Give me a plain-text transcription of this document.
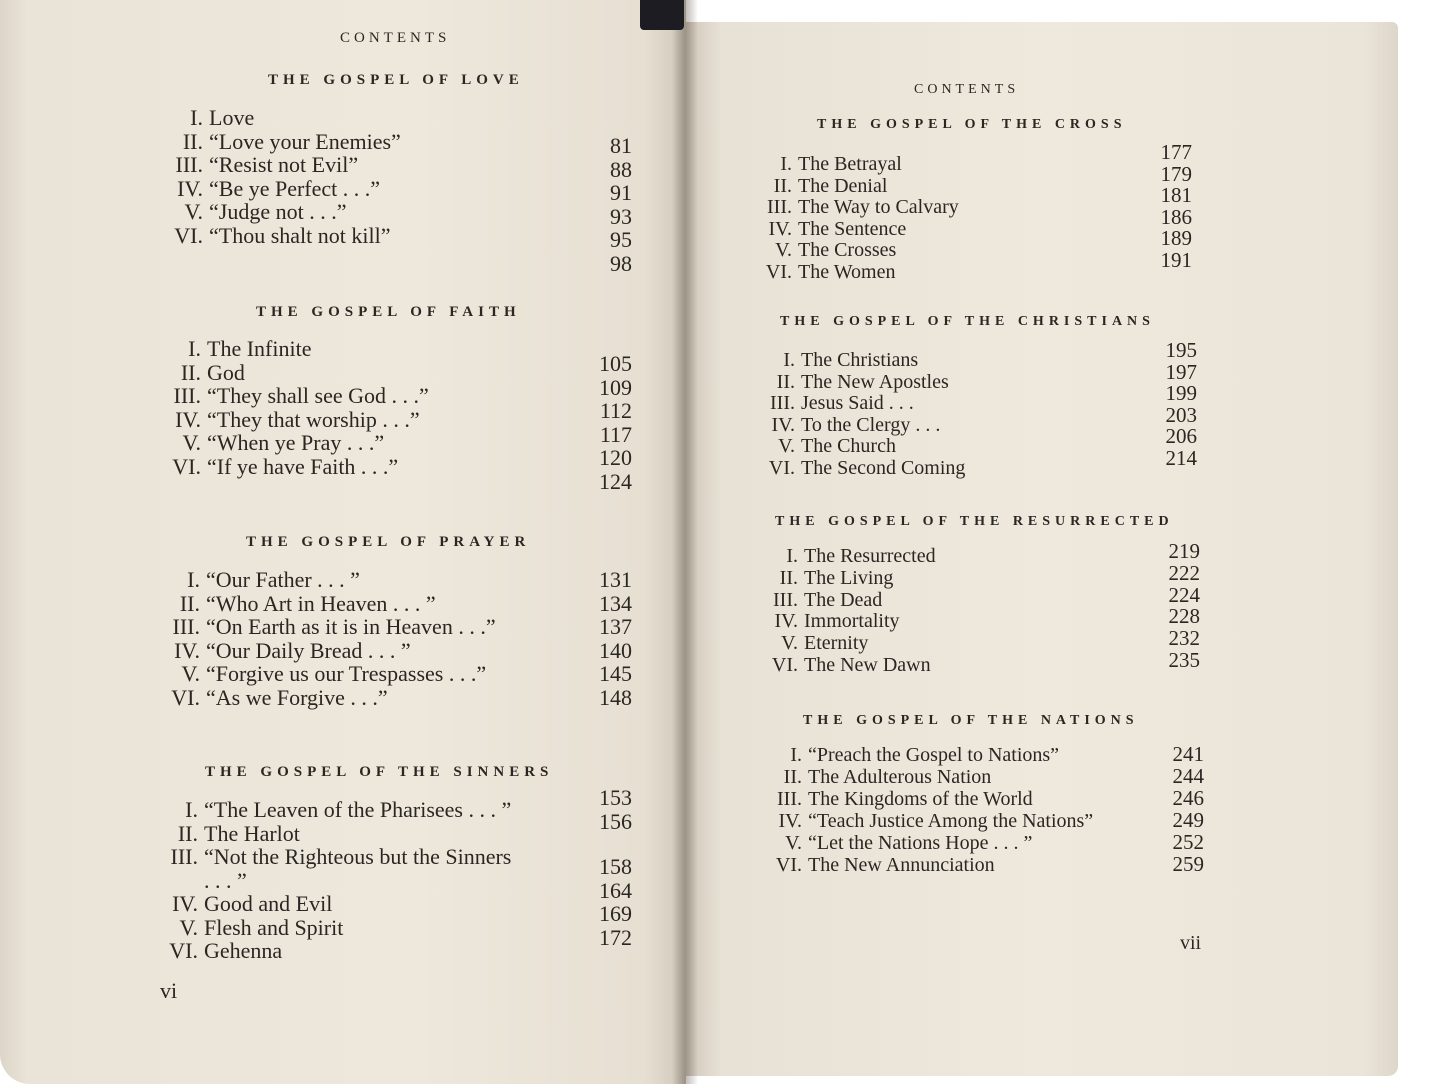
CONTENTS
THE GOSPEL OF LOVE
I. Love
II. “Love your Enemies”
III. “Resist not Evil”
IV. “Be ye Perfect . . .”
V. “Judge not . . .”
VI. “Thou shalt not kill”
81
88
91
93
95
98
THE GOSPEL OF FAITH
I. The Infinite
II. God
III. “They shall see God . . .”
IV. “They that worship . . .”
V. “When ye Pray . . .”
VI. “If ye have Faith . . .”
105
109
112
117
120
124
THE GOSPEL OF PRAYER
I. “Our Father . . . ”
II. “Who Art in Heaven . . . ”
III. “On Earth as it is in Heaven . . .”
IV. “Our Daily Bread . . . ”
V. “Forgive us our Trespasses . . .”
VI. “As we Forgive . . .”
131
134
137
140
145
148
THE GOSPEL OF THE SINNERS
I. “The Leaven of the Pharisees . . . ”
II. The Harlot
III. “Not the Righteous but the Sinners
. . . ”
IV. Good and Evil
V. Flesh and Spirit
VI. Gehenna
153
156
158
164
169
172
vi
CONTENTS
THE GOSPEL OF THE CROSS
I. The Betrayal
II. The Denial
III. The Way to Calvary
IV. The Sentence
V. The Crosses
VI. The Women
177
179
181
186
189
191
THE GOSPEL OF THE CHRISTIANS
I. The Christians
II. The New Apostles
III. Jesus Said . . .
IV. To the Clergy . . .
V. The Church
VI. The Second Coming
195
197
199
203
206
214
THE GOSPEL OF THE RESURRECTED
I. The Resurrected
II. The Living
III. The Dead
IV. Immortality
V. Eternity
VI. The New Dawn
219
222
224
228
232
235
THE GOSPEL OF THE NATIONS
I. “Preach the Gospel to Nations”
II. The Adulterous Nation
III. The Kingdoms of the World
IV. “Teach Justice Among the Nations”
V. “Let the Nations Hope . . . ”
VI. The New Annunciation
241
244
246
249
252
259
vii
